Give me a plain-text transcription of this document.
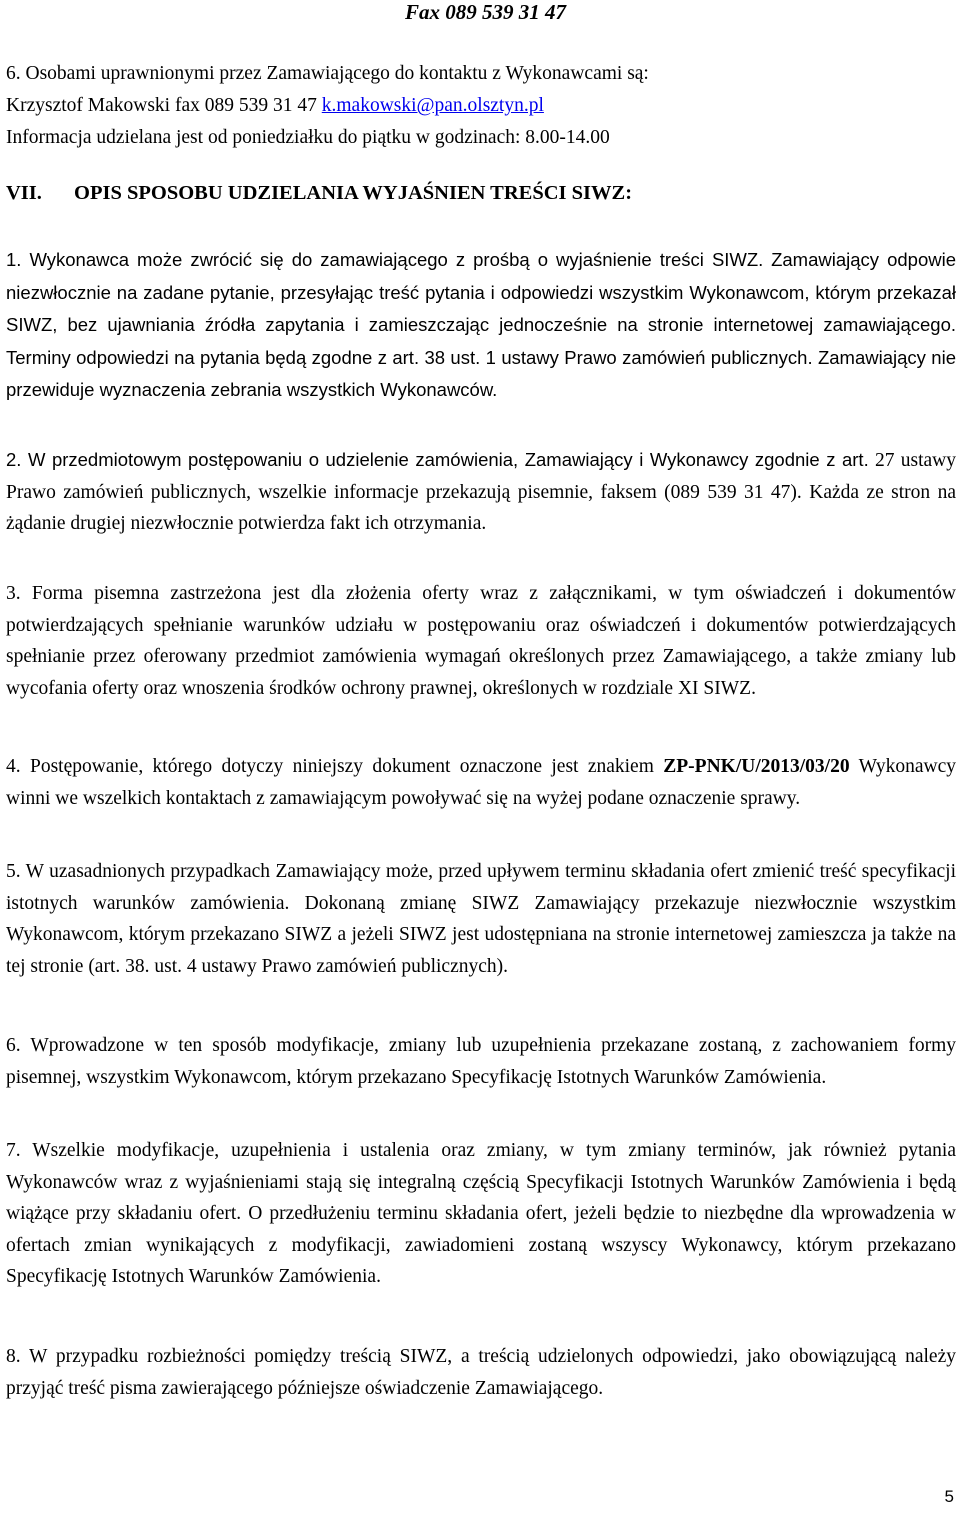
Fax 089 539 31 47

6. Osobami uprawnionymi przez Zamawiającego do kontaktu z Wykonawcami są:

Krzysztof Makowski fax 089 539 31 47 k.makowski@pan.olsztyn.pl

Informacja udzielana jest od poniedziałku do piątku w godzinach: 8.00-14.00

VII. OPIS SPOSOBU UDZIELANIA WYJAŚNIEN TREŚCI SIWZ:

1. Wykonawca może zwrócić się do zamawiającego z prośbą o wyjaśnienie treści SIWZ. Zamawiający odpowie niezwłocznie na zadane pytanie, przesyłając treść pytania i odpowiedzi wszystkim Wykonawcom, którym przekazał SIWZ, bez ujawniania źródła zapytania i zamieszczając jednocześnie na stronie internetowej zamawiającego. Terminy odpowiedzi na pytania będą zgodne z art. 38 ust. 1 ustawy Prawo zamówień publicznych. Zamawiający nie przewiduje wyznaczenia zebrania wszystkich Wykonawców.

2. W przedmiotowym postępowaniu o udzielenie zamówienia, Zamawiający i Wykonawcy zgodnie z art. 27 ustawy Prawo zamówień publicznych, wszelkie informacje przekazują pisemnie, faksem (089 539 31 47). Każda ze stron na żądanie drugiej niezwłocznie potwierdza fakt ich otrzymania.

3. Forma pisemna zastrzeżona jest dla złożenia oferty wraz z załącznikami, w tym oświadczeń i dokumentów potwierdzających spełnianie warunków udziału w postępowaniu oraz oświadczeń i dokumentów potwierdzających spełnianie przez oferowany przedmiot zamówienia wymagań określonych przez Zamawiającego, a także zmiany lub wycofania oferty oraz wnoszenia środków ochrony prawnej, określonych w rozdziale XI SIWZ.

4. Postępowanie, którego dotyczy niniejszy dokument oznaczone jest znakiem ZP-PNK/U/2013/03/20 Wykonawcy winni we wszelkich kontaktach z zamawiającym powoływać się na wyżej podane oznaczenie sprawy.

5. W uzasadnionych przypadkach Zamawiający może, przed upływem terminu składania ofert zmienić treść specyfikacji istotnych warunków zamówienia. Dokonaną zmianę SIWZ Zamawiający przekazuje niezwłocznie wszystkim Wykonawcom, którym przekazano SIWZ a jeżeli SIWZ jest udostępniana na stronie internetowej zamieszcza ja także na tej stronie (art. 38. ust. 4 ustawy Prawo zamówień publicznych).

6. Wprowadzone w ten sposób modyfikacje, zmiany lub uzupełnienia przekazane zostaną, z zachowaniem formy pisemnej, wszystkim Wykonawcom, którym przekazano Specyfikację Istotnych Warunków Zamówienia.

7. Wszelkie modyfikacje, uzupełnienia i ustalenia oraz zmiany, w tym zmiany terminów, jak również pytania Wykonawców wraz z wyjaśnieniami stają się integralną częścią Specyfikacji Istotnych Warunków Zamówienia i będą wiążące przy składaniu ofert. O przedłużeniu terminu składania ofert, jeżeli będzie to niezbędne dla wprowadzenia w ofertach zmian wynikających z modyfikacji, zawiadomieni zostaną wszyscy Wykonawcy, którym przekazano Specyfikację Istotnych Warunków Zamówienia.

8. W przypadku rozbieżności pomiędzy treścią SIWZ, a treścią udzielonych odpowiedzi, jako obowiązującą należy przyjąć treść pisma zawierającego późniejsze oświadczenie Zamawiającego.

5
